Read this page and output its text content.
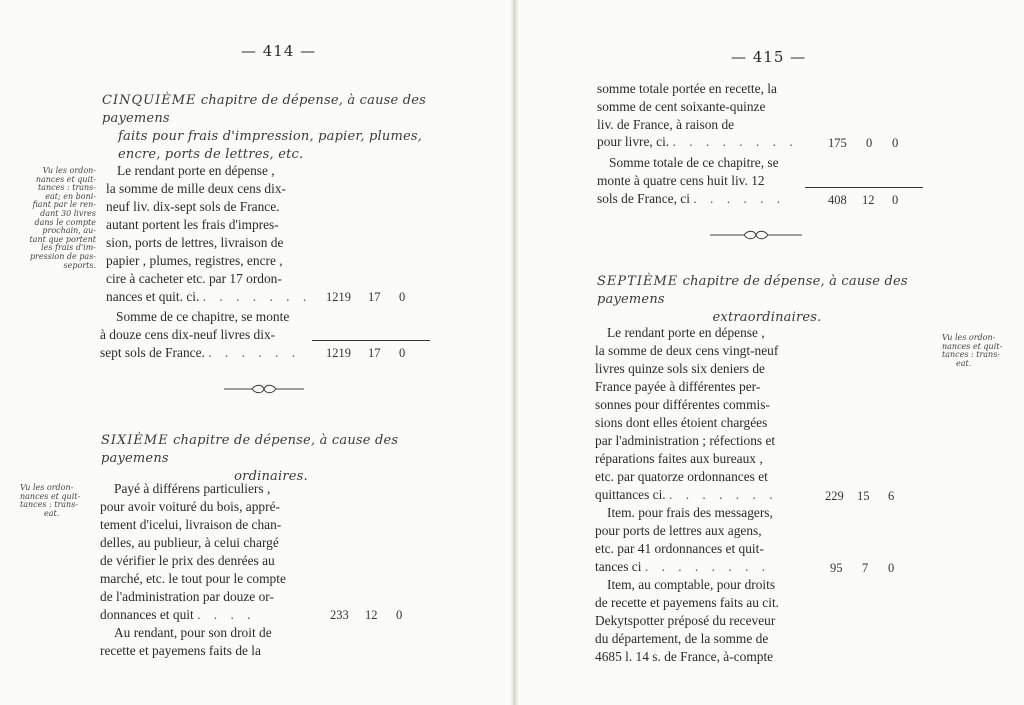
— 414 —
CINQUIÈME chapitre de dépense, à cause des payemens
faits pour frais d'impression, papier, plumes,
encre, ports de lettres, etc.
Vu les ordon-
nances et quit-
tances : trans-
eat; en boni-
fiant par le ren-
dant 30 livres
dans le compte
prochain, au-
tant que portent
les frais d'im-
pression de pas-
seports.
Le rendant porte en dépense ,
la somme de mille deux cens dix-
neuf liv. dix-sept sols de France.
autant portent les frais d'impres-
sion, ports de lettres, livraison de
papier , plumes, registres, encre ,
cire à cacheter etc. par 17 ordon-
nances et quit. ci. . . . . . . . 1219 17 0
Somme de ce chapitre, se monte
à douze cens dix-neuf livres dix-
sept sols de France. . . . . . . 1219 17 0
SIXIÈME chapitre de dépense, à cause des payemens
ordinaires.
Vu les ordon-
nances et quit-
tances : trans-
eat.
Payé à différens particuliers ,
pour avoir voituré du bois, appré-
tement d'icelui, livraison de chan-
delles, au publieur, à celui chargé
de vérifier le prix des denrées au
marché, etc. le tout pour le compte
de l'administration par douze or-
donnances et quit . . . .	233 12 0
Au rendant, pour son droit de
recette et payemens faits de la
— 415 —
somme totale portée en recette, la
somme de cent soixante-quinze
liv. de France, à raison de
pour livre, ci. . . . . . . . . 175 0 0
Somme totale de ce chapitre, se
monte à quatre cens huit liv. 12
sols de France, ci . . . . . .	408 12 0
SEPTIÈME chapitre de dépense, à cause des payemens
extraordinaires.
Vu les ordon-
nances et quit-
tances : trans-
eat.
Le rendant porte en dépense ,
la somme de deux cens vingt-neuf
livres quinze sols six deniers de
France payée à différentes per-
sonnes pour différentes commis-
sions dont elles étoient chargées
par l'administration ; réfections et
réparations faites aux bureaux ,
etc. par quatorze ordonnances et
quittances ci. . . . . . . .	229 15 6
Item. pour frais des messagers,
pour ports de lettres aux agens,
etc. par 41 ordonnances et quit-
tances ci . . . . . . . .	95 7 0
Item, au comptable, pour droits
de recette et payemens faits au cit.
Dekytspotter préposé du receveur
du département, de la somme de
4685 l. 14 s. de France, à-compte
